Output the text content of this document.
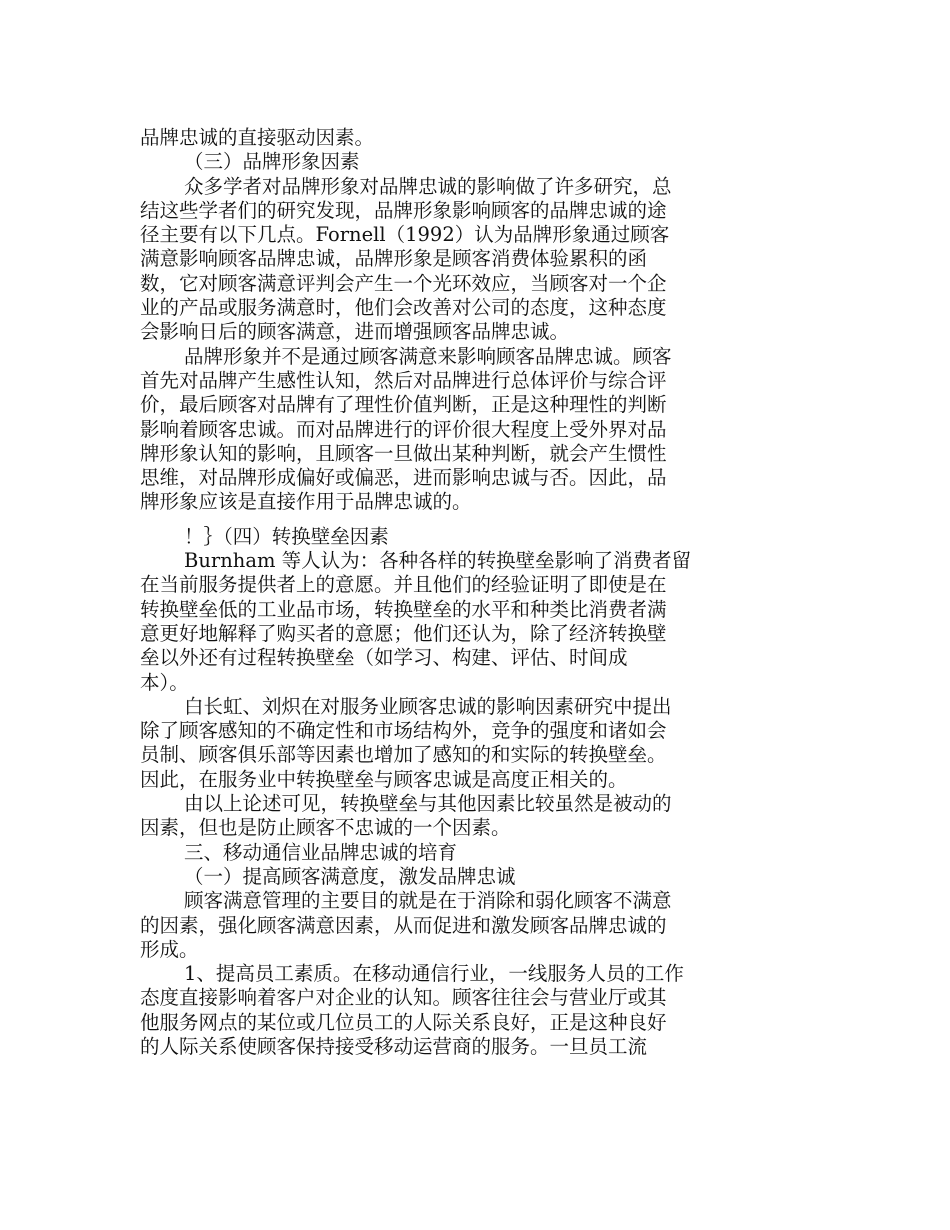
品牌忠诚的直接驱动因素。
（三）品牌形象因素
众多学者对品牌形象对品牌忠诚的影响做了许多研究，总
结这些学者们的研究发现，品牌形象影响顾客的品牌忠诚的途
径主要有以下几点。Fornell（1992）认为品牌形象通过顾客
满意影响顾客品牌忠诚，品牌形象是顾客消费体验累积的函
数，它对顾客满意评判会产生一个光环效应，当顾客对一个企
业的产品或服务满意时，他们会改善对公司的态度，这种态度
会影响日后的顾客满意，进而增强顾客品牌忠诚。
品牌形象并不是通过顾客满意来影响顾客品牌忠诚。顾客
首先对品牌产生感性认知，然后对品牌进行总体评价与综合评
价，最后顾客对品牌有了理性价值判断，正是这种理性的判断
影响着顾客忠诚。而对品牌进行的评价很大程度上受外界对品
牌形象认知的影响，且顾客一旦做出某种判断，就会产生惯性
思维，对品牌形成偏好或偏恶，进而影响忠诚与否。因此，品
牌形象应该是直接作用于品牌忠诚的。
！｝（四）转换壁垒因素
Burnham 等人认为：各种各样的转换壁垒影响了消费者留
在当前服务提供者上的意愿。并且他们的经验证明了即使是在
转换壁垒低的工业品市场，转换壁垒的水平和种类比消费者满
意更好地解释了购买者的意愿；他们还认为，除了经济转换壁
垒以外还有过程转换壁垒（如学习、构建、评估、时间成
本）。
白长虹、刘炽在对服务业顾客忠诚的影响因素研究中提出
除了顾客感知的不确定性和市场结构外，竞争的强度和诸如会
员制、顾客俱乐部等因素也增加了感知的和实际的转换壁垒。
因此，在服务业中转换壁垒与顾客忠诚是高度正相关的。
由以上论述可见，转换壁垒与其他因素比较虽然是被动的
因素，但也是防止顾客不忠诚的一个因素。
三、移动通信业品牌忠诚的培育
（一）提高顾客满意度，激发品牌忠诚
顾客满意管理的主要目的就是在于消除和弱化顾客不满意
的因素，强化顾客满意因素，从而促进和激发顾客品牌忠诚的
形成。
1、提高员工素质。在移动通信行业，一线服务人员的工作
态度直接影响着客户对企业的认知。顾客往往会与营业厅或其
他服务网点的某位或几位员工的人际关系良好，正是这种良好
的人际关系使顾客保持接受移动运营商的服务。一旦员工流
